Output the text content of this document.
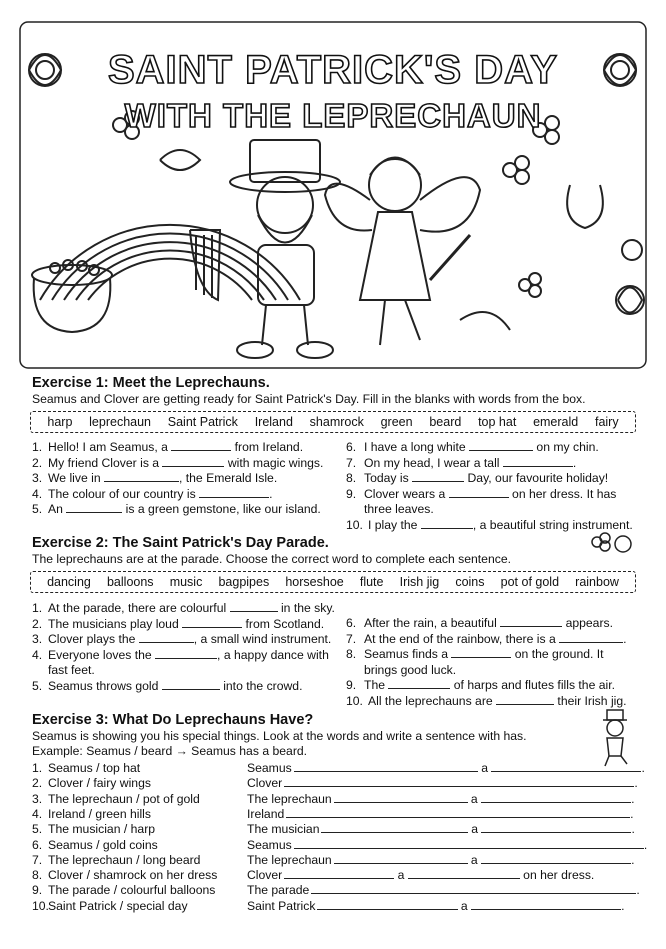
SAINT PATRICK'S DAY
WITH THE LEPRECHAUN
Exercise 1: Meet the Leprechauns.
Seamus and Clover are getting ready for Saint Patrick's Day. Fill in the blanks with words from the box.
harp leprechaun Saint Patrick Ireland shamrock green beard top hat emerald fairy
1. Hello! I am Seamus, a	from Ireland.
2. My friend Clover is a	with magic wings.
3. We live in	, the Emerald Isle.
4. The colour of our country is	.
5. An	is a green gemstone, like our island.
6. I have a long white	on my chin.
7. On my head, I wear a tall	.
8. Today is	Day, our favourite holiday!
9. Clover wears a	on her dress. It has three leaves.
10. I play the	, a beautiful string instrument.
Exercise 2: The Saint Patrick's Day Parade.
The leprechauns are at the parade. Choose the correct word to complete each sentence.
dancing balloons music bagpipes horseshoe flute Irish jig coins pot of gold rainbow
1. At the parade, there are colourful	in the sky.
2. The musicians play loud	from Scotland.
3. Clover plays the	, a small wind instrument.
4. Everyone loves the	, a happy dance with fast feet.
5. Seamus throws gold	into the crowd.
6. After the rain, a beautiful	appears.
7. At the end of the rainbow, there is a	.
8. Seamus finds a	on the ground. It brings good luck.
9. The	of harps and flutes fills the air.
10. All the leprechauns are	their Irish jig.
Exercise 3: What Do Leprechauns Have?
Seamus is showing you his special things. Look at the words and write a sentence with has.
Example: Seamus / beard → Seamus has a beard.
1. Seamus / top hat	Seamus	a	.
2. Clover / fairy wings	Clover	.
3. The leprechaun / pot of gold	The leprechaun	a	.
4. Ireland / green hills	Ireland	.
5. The musician / harp	The musician	a	.
6. Seamus / gold coins	Seamus	.
7. The leprechaun / long beard	The leprechaun	a	.
8. Clover / shamrock on her dress	Clover	a	on her dress.
9. The parade / colourful balloons	The parade	.
10.Saint Patrick / special day	Saint Patrick	a	.
